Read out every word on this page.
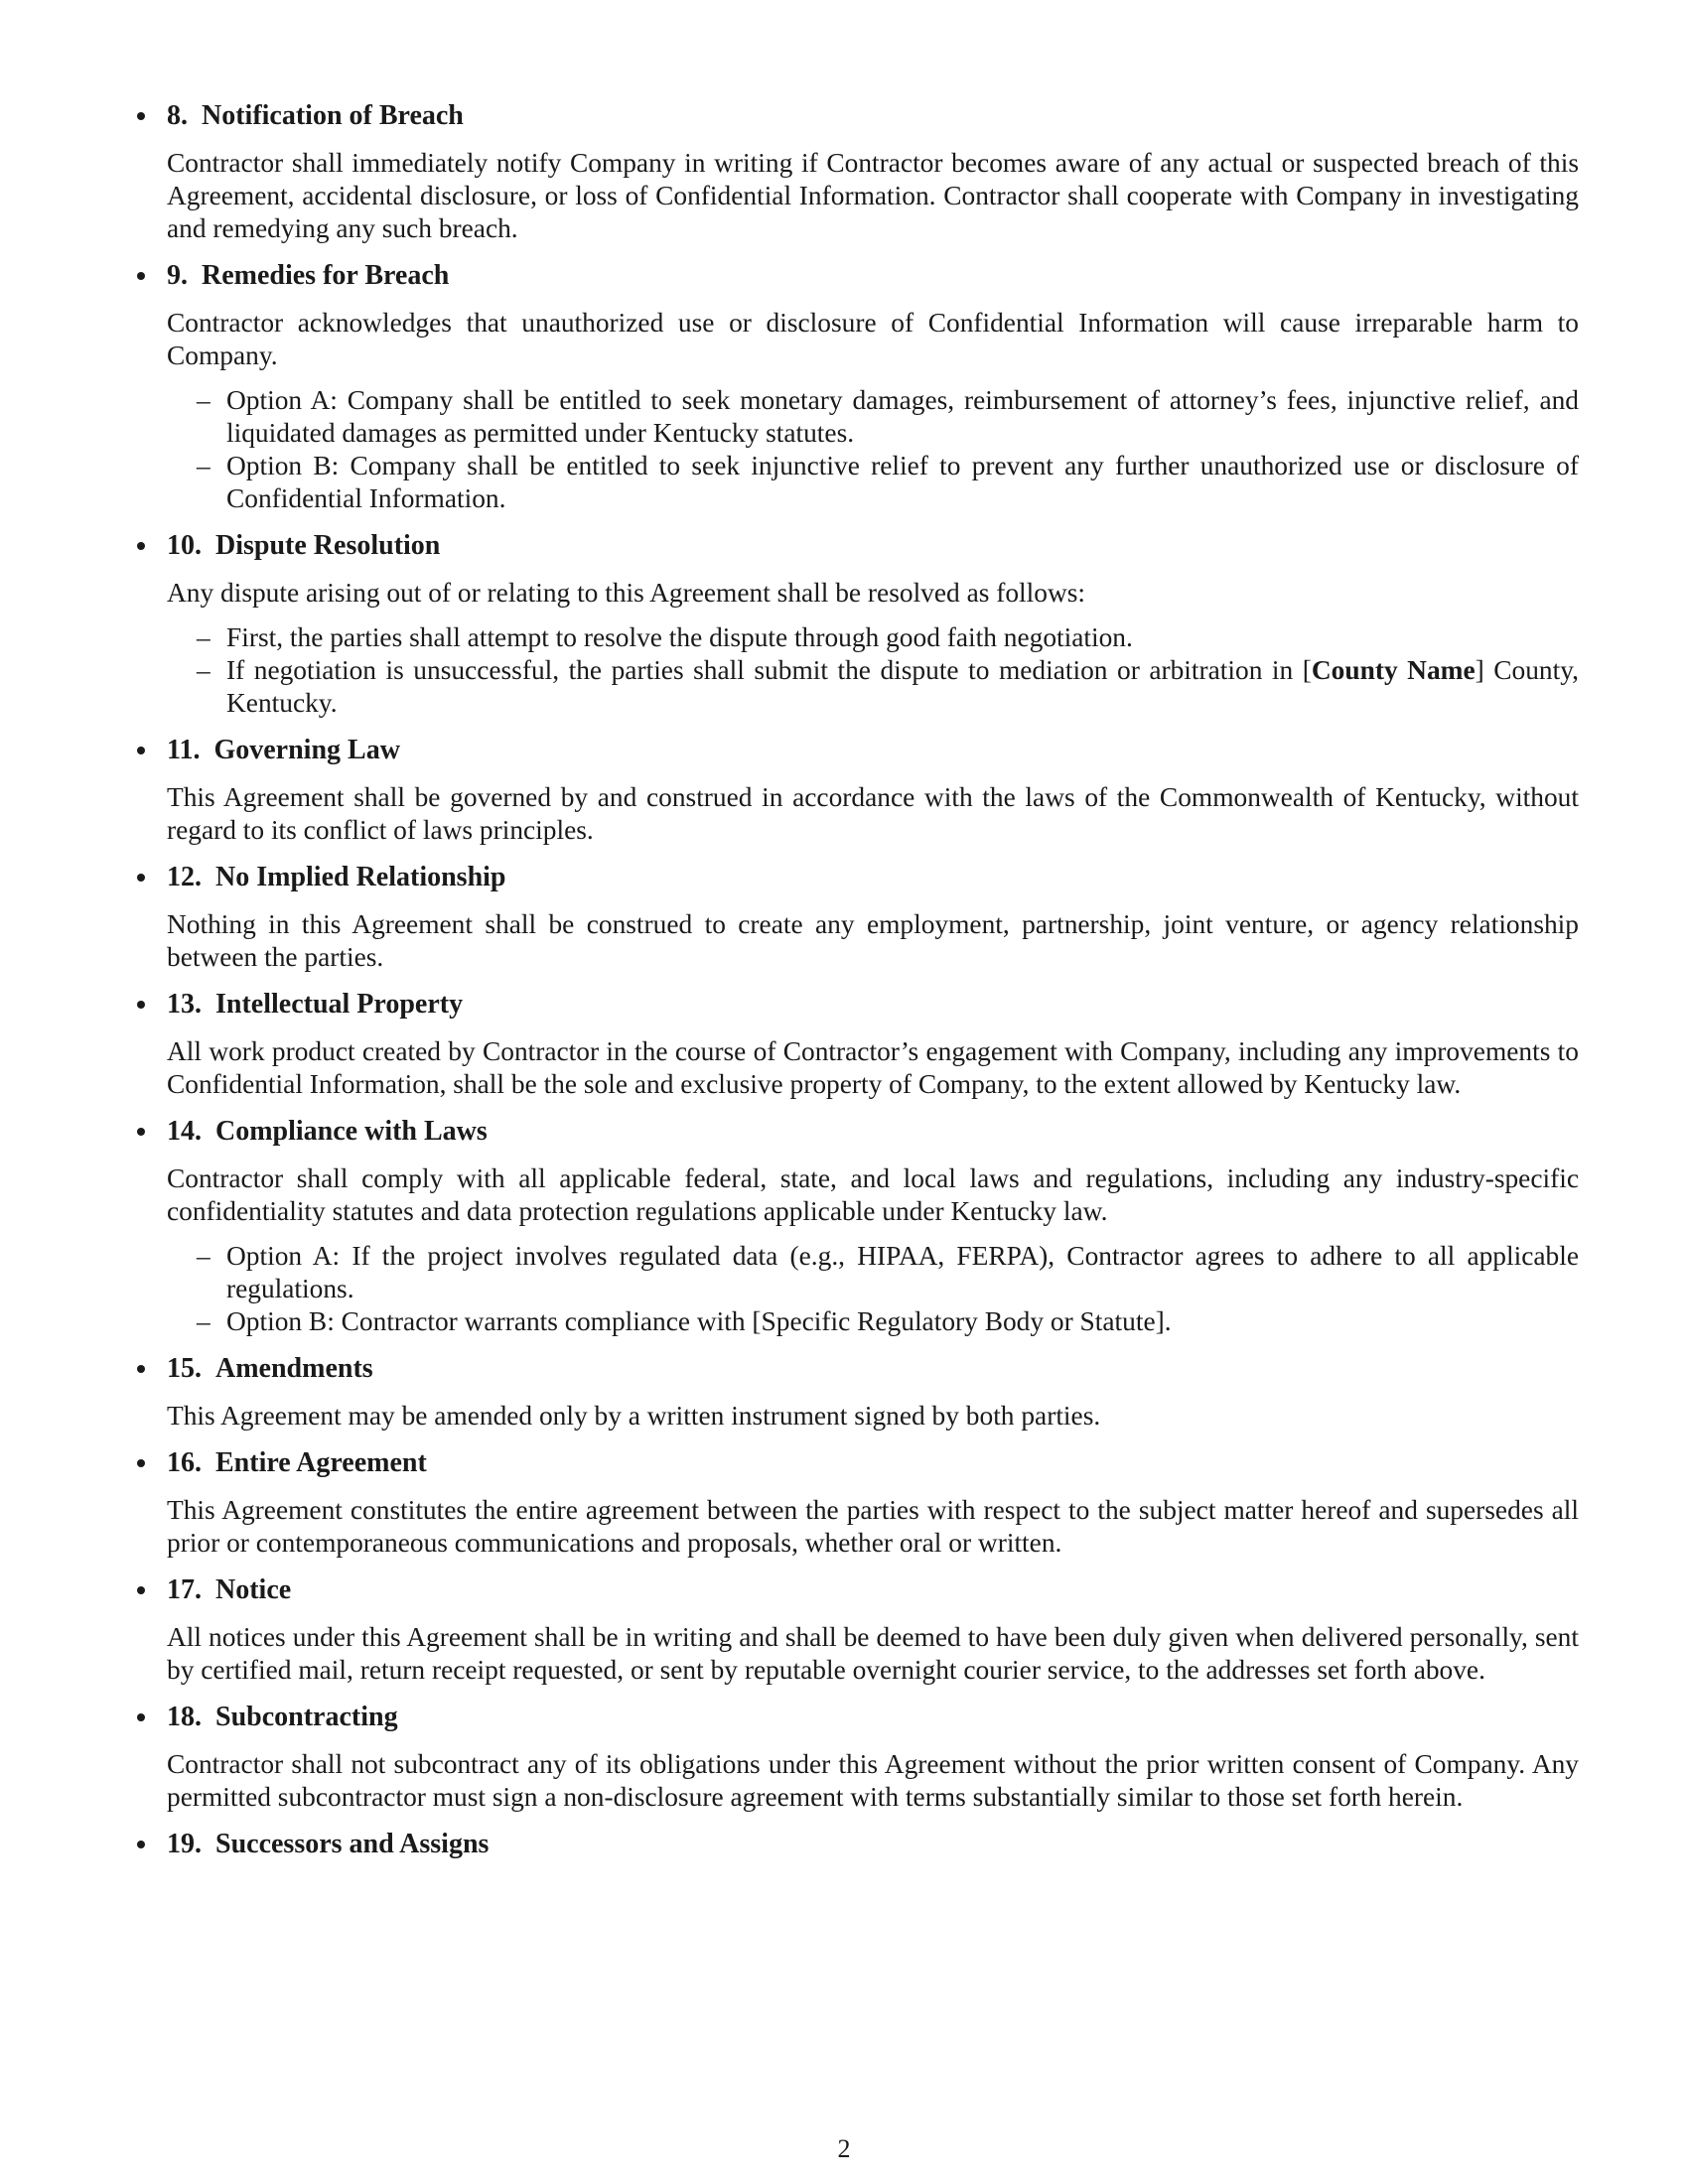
8. Notification of Breach

Contractor shall immediately notify Company in writing if Contractor becomes aware of any actual or suspected breach of this Agreement, accidental disclosure, or loss of Confidential Information. Contractor shall cooperate with Company in investigating and remedying any such breach.

9. Remedies for Breach

Contractor acknowledges that unauthorized use or disclosure of Confidential Information will cause irreparable harm to Company.

– Option A: Company shall be entitled to seek monetary damages, reimbursement of attorney’s fees, injunctive relief, and liquidated damages as permitted under Kentucky statutes.
– Option B: Company shall be entitled to seek injunctive relief to prevent any further unauthorized use or disclosure of Confidential Information.
10. Dispute Resolution

Any dispute arising out of or relating to this Agreement shall be resolved as follows:

– First, the parties shall attempt to resolve the dispute through good faith negotiation.
– If negotiation is unsuccessful, the parties shall submit the dispute to mediation or arbitration in [County Name] County, Kentucky.
11. Governing Law

This Agreement shall be governed by and construed in accordance with the laws of the Commonwealth of Kentucky, without regard to its conflict of laws principles.

12. No Implied Relationship

Nothing in this Agreement shall be construed to create any employment, partnership, joint venture, or agency relationship between the parties.

13. Intellectual Property

All work product created by Contractor in the course of Contractor’s engagement with Company, including any improvements to Confidential Information, shall be the sole and exclusive property of Company, to the extent allowed by Kentucky law.

14. Compliance with Laws

Contractor shall comply with all applicable federal, state, and local laws and regulations, including any industry-specific confidentiality statutes and data protection regulations applicable under Kentucky law.

– Option A: If the project involves regulated data (e.g., HIPAA, FERPA), Contractor agrees to adhere to all applicable regulations.
– Option B: Contractor warrants compliance with [Specific Regulatory Body or Statute].
15. Amendments

This Agreement may be amended only by a written instrument signed by both parties.

16. Entire Agreement

This Agreement constitutes the entire agreement between the parties with respect to the subject matter hereof and supersedes all prior or contemporaneous communications and proposals, whether oral or written.

17. Notice

All notices under this Agreement shall be in writing and shall be deemed to have been duly given when delivered personally, sent by certified mail, return receipt requested, or sent by reputable overnight courier service, to the addresses set forth above.

18. Subcontracting

Contractor shall not subcontract any of its obligations under this Agreement without the prior written consent of Company. Any permitted subcontractor must sign a non-disclosure agreement with terms substantially similar to those set forth herein.

19. Successors and Assigns
2
